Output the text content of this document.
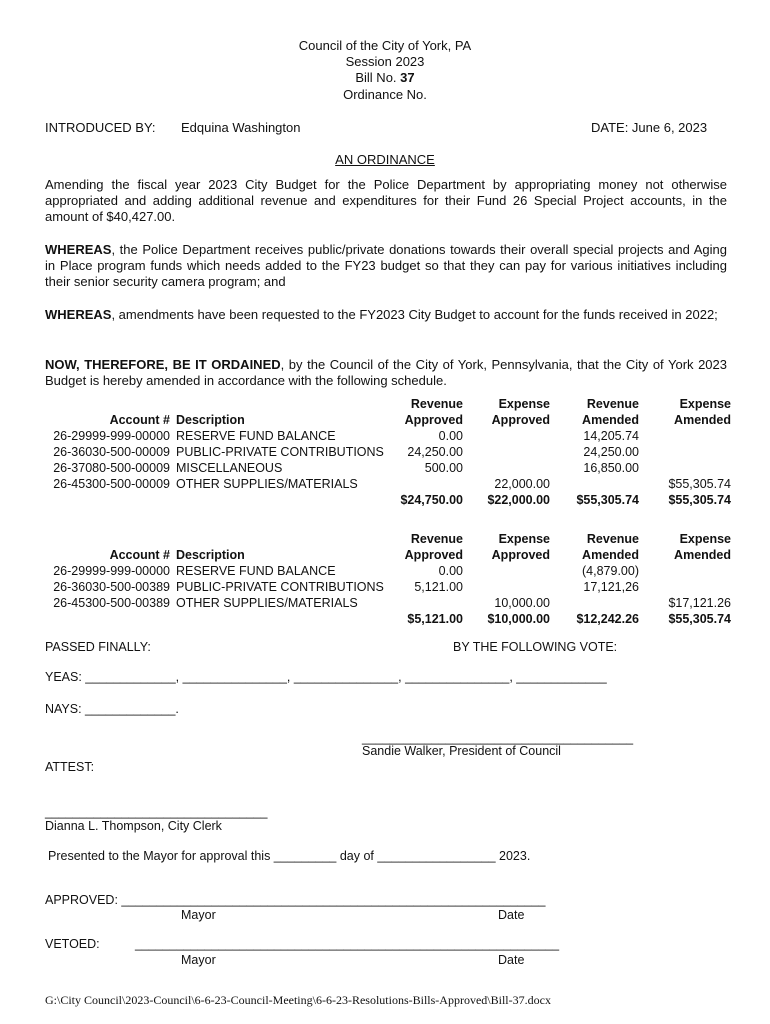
Council of the City of York, PA
Session 2023
Bill No. 37
Ordinance No.
INTRODUCED BY: Edquina Washington	DATE: June 6, 2023
AN ORDINANCE
Amending the fiscal year 2023 City Budget for the Police Department by appropriating money not otherwise appropriated and adding additional revenue and expenditures for their Fund 26 Special Project accounts, in the amount of $40,427.00.
WHEREAS, the Police Department receives public/private donations towards their overall special projects and Aging in Place program funds which needs added to the FY23 budget so that they can pay for various initiatives including their senior security camera program; and
WHEREAS, amendments have been requested to the FY2023 City Budget to account for the funds received in 2022;
NOW, THEREFORE, BE IT ORDAINED, by the Council of the City of York, Pennsylvania, that the City of York 2023 Budget is hereby amended in accordance with the following schedule.
		Revenue	Expense	Revenue	Expense
Account #	Description	Approved	Approved	Amended	Amended
26-29999-999-00000	RESERVE FUND BALANCE	0.00		14,205.74	
26-36030-500-00009	PUBLIC-PRIVATE CONTRIBUTIONS	24,250.00		24,250.00	
26-37080-500-00009	MISCELLANEOUS	500.00		16,850.00	
26-45300-500-00009	OTHER SUPPLIES/MATERIALS		22,000.00		$55,305.74
		$24,750.00	$22,000.00	$55,305.74	$55,305.74
		Revenue	Expense	Revenue	Expense
Account #	Description	Approved	Approved	Amended	Amended
26-29999-999-00000	RESERVE FUND BALANCE	0.00		(4,879.00)	
26-36030-500-00389	PUBLIC-PRIVATE CONTRIBUTIONS	5,121.00		17,121,26	
26-45300-500-00389	OTHER SUPPLIES/MATERIALS		10,000.00		$17,121.26
		$5,121.00	$10,000.00	$12,242.26	$55,305.74
PASSED FINALLY:	BY THE FOLLOWING VOTE:
YEAS: _____________, _______________, _______________, _______________, _____________
NAYS: _____________.
_______________________________________
Sandie Walker, President of Council
ATTEST:
________________________________
Dianna L. Thompson, City Clerk
Presented to the Mayor for approval this _________ day of _________________ 2023.
APPROVED: _____________________________________________________________
Mayor	Date
VETOED:	_____________________________________________________________
Mayor	Date
G:\City Council\2023-Council\6-6-23-Council-Meeting\6-6-23-Resolutions-Bills-Approved\Bill-37.docx
